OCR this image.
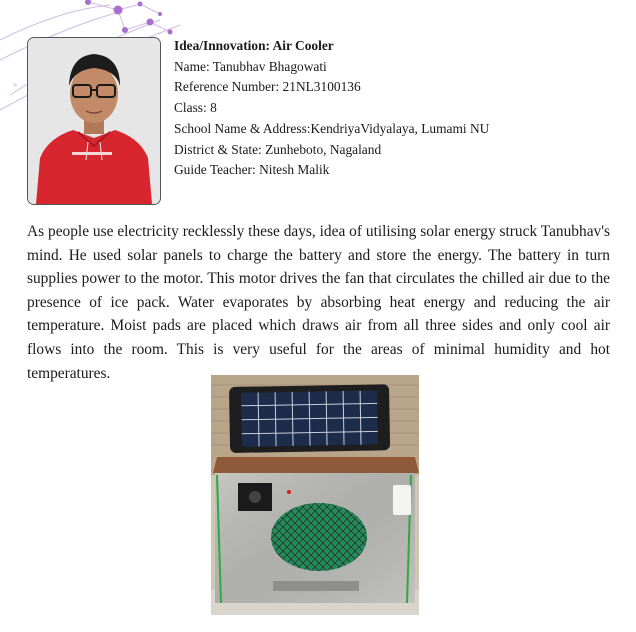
Idea/Innovation: Air Cooler
Name: Tanubhav Bhagowati
Reference Number: 21NL3100136
Class: 8
School Name & Address:KendriyaVidyalaya, Lumami NU
District & State: Zunheboto, Nagaland
Guide Teacher: Nitesh Malik

As people use electricity recklessly these days, idea of utilising solar energy struck Tanubhav's mind. He used solar panels to charge the battery and store the energy. The battery in turn supplies power to the motor. This motor drives the fan that circulates the chilled air due to the presence of ice pack. Water evaporates by absorbing heat energy and reducing the air temperature. Moist pads are placed which draws air from all three sides and only cool air flows into the room. This is very useful for the areas of minimal humidity and hot temperatures.
